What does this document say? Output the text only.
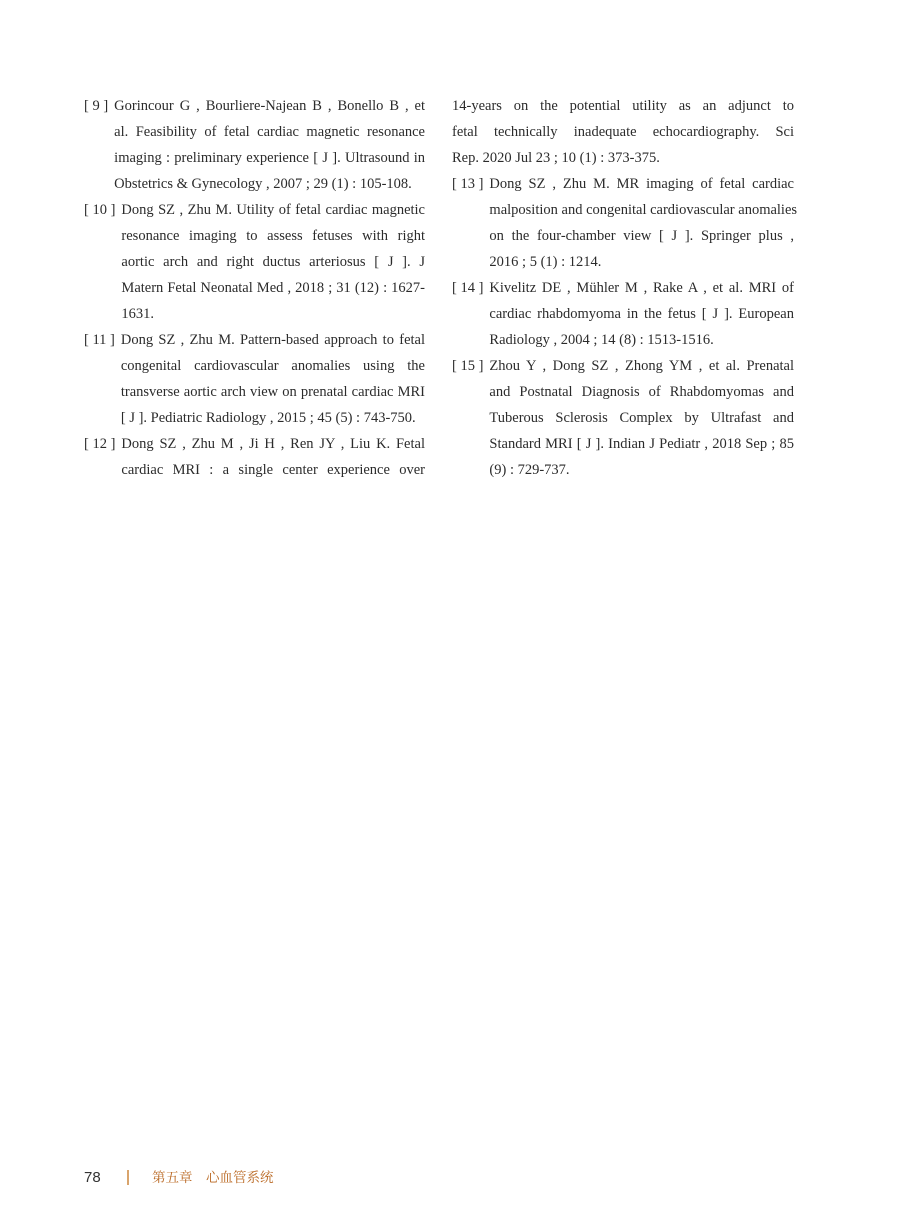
[ 9 ] Gorincour G , Bourliere-Najean B , Bonello B , et
al. Feasibility of fetal cardiac magnetic resonance
imaging : preliminary experience [ J ]. Ultrasound in
Obstetrics & Gynecology , 2007 ; 29 (1) : 105-108.
[ 10 ] Dong SZ , Zhu M. Utility of fetal cardiac magnetic
resonance imaging to assess fetuses with right
aortic arch and right ductus arteriosus [ J ]. J
Matern Fetal Neonatal Med , 2018 ; 31 (12) : 1627-
1631.
[ 11 ] Dong SZ , Zhu M. Pattern-based approach to fetal
congenital cardiovascular anomalies using the
transverse aortic arch view on prenatal cardiac MRI
[ J ]. Pediatric Radiology , 2015 ; 45 (5) : 743-750.
[ 12 ] Dong SZ , Zhu M , Ji H , Ren JY , Liu K. Fetal
cardiac MRI : a single center experience over
14-years on the potential utility as an adjunct to
fetal technically inadequate echocardiography. Sci
Rep. 2020 Jul 23 ; 10 (1) : 373-375.
[ 13 ] Dong SZ , Zhu M. MR imaging of fetal cardiac
malposition and congenital cardiovascular anomalies
on the four-chamber view [ J ]. Springer plus ,
2016 ; 5 (1) : 1214.
[ 14 ] Kivelitz DE , Mühler M , Rake A , et al. MRI of
cardiac rhabdomyoma in the fetus [ J ]. European
Radiology , 2004 ; 14 (8) : 1513-1516.
[ 15 ] Zhou Y , Dong SZ , Zhong YM , et al. Prenatal
and Postnatal Diagnosis of Rhabdomyomas and
Tuberous Sclerosis Complex by Ultrafast and
Standard MRI [ J ]. Indian J Pediatr , 2018 Sep ; 85
(9) : 729-737.
78	第五章　心血管系统
